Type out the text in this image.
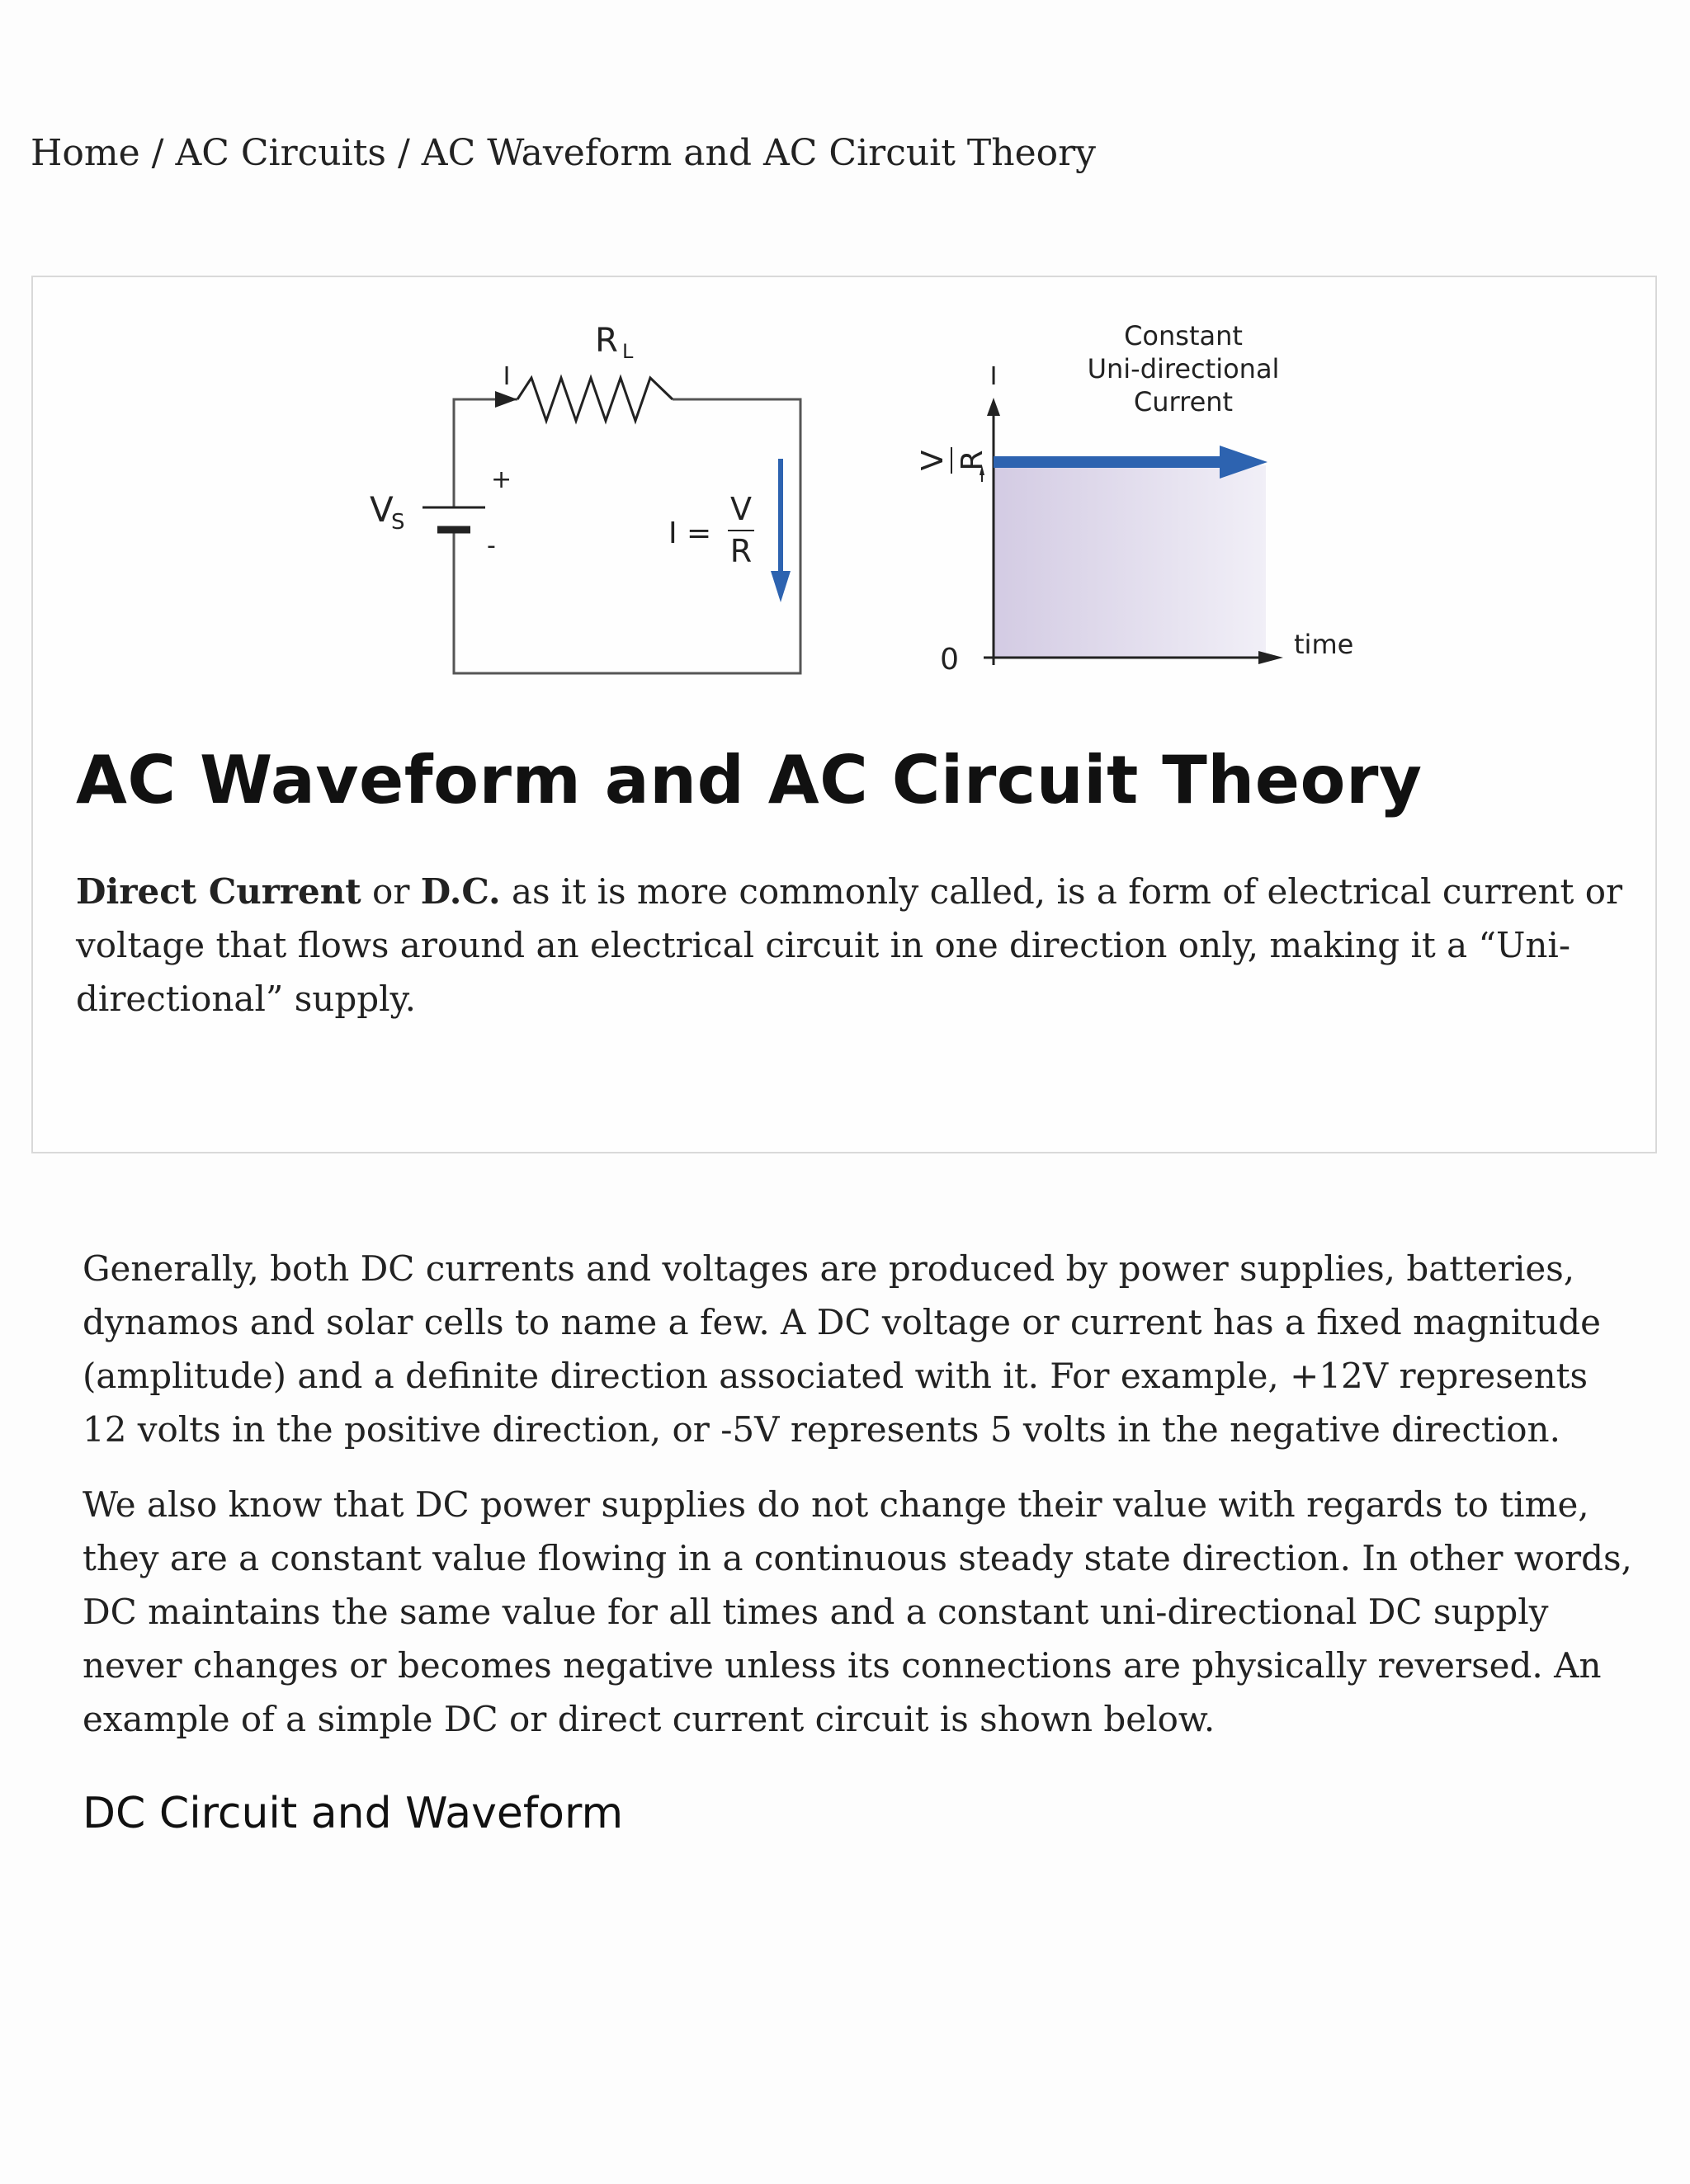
Home / AC Circuits / AC Waveform and AC Circuit Theory
I
R L
+
-
V
S	I =
V
R
I
V R
0	time
Constant
Uni-directional
Current
AC Waveform and AC Circuit Theory

Direct Current or D.C. as it is more commonly called, is a form of electrical current or voltage that flows around an electrical circuit in one direction only, making it a “Uni-directional” supply.

Generally, both DC currents and voltages are produced by power supplies, batteries, dynamos and solar cells to name a few. A DC voltage or current has a fixed magnitude (amplitude) and a definite direction associated with it. For example, +12V represents 12 volts in the positive direction, or -5V represents 5 volts in the negative direction.

We also know that DC power supplies do not change their value with regards to time, they are a constant value flowing in a continuous steady state direction. In other words, DC maintains the same value for all times and a constant uni-directional DC supply never changes or becomes negative unless its connections are physically reversed. An example of a simple DC or direct current circuit is shown below.

DC Circuit and Waveform
